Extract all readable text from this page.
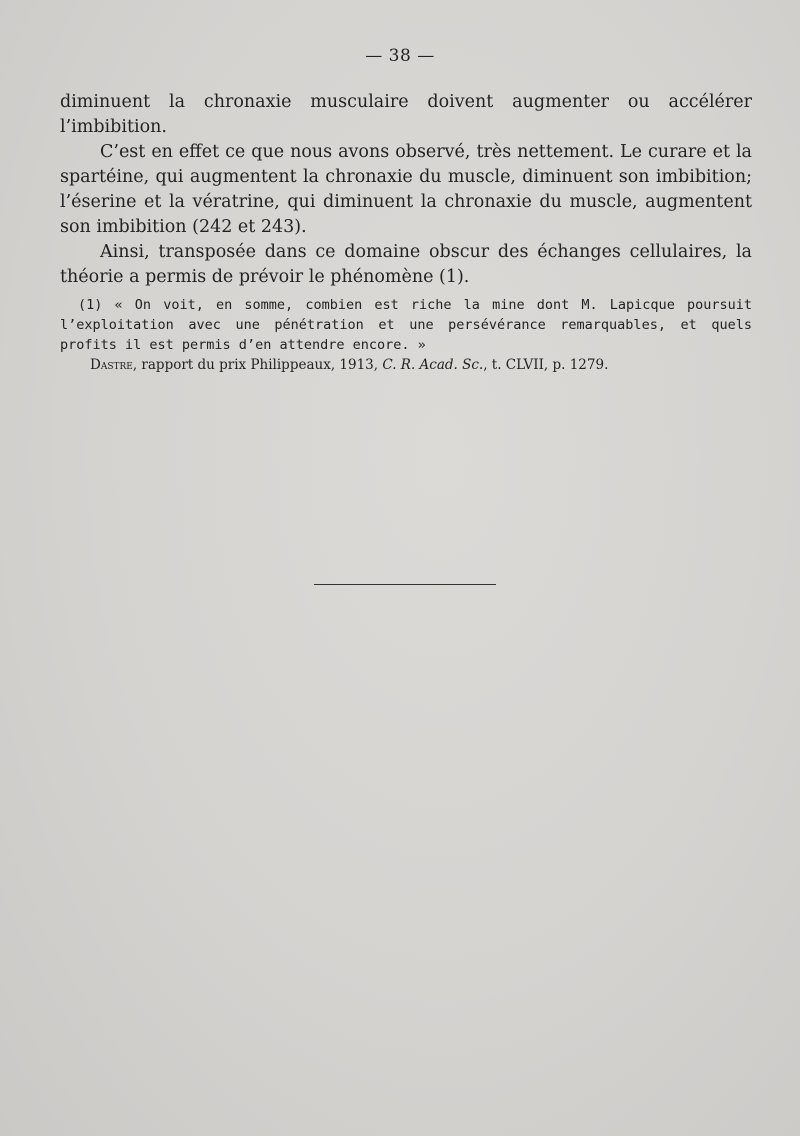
— 38 —

diminuent la chronaxie musculaire doivent augmenter ou accélérer l’imbibition.

C’est en effet ce que nous avons observé, très nettement. Le curare et la spartéine, qui augmentent la chronaxie du muscle, diminuent son imbibition; l’éserine et la vératrine, qui diminuent la chronaxie du muscle, augmentent son imbibition (242 et 243).

Ainsi, transposée dans ce domaine obscur des échanges cellulaires, la théorie a permis de prévoir le phénomène (1).

(1) « On voit, en somme, combien est riche la mine dont M. Lapicque poursuit l’exploitation avec une pénétration et une persévérance remarquables, et quels profits il est permis d’en attendre encore. »

Dastre, rapport du prix Philippeaux, 1913, C. R. Acad. Sc., t. CLVII, p. 1279.
